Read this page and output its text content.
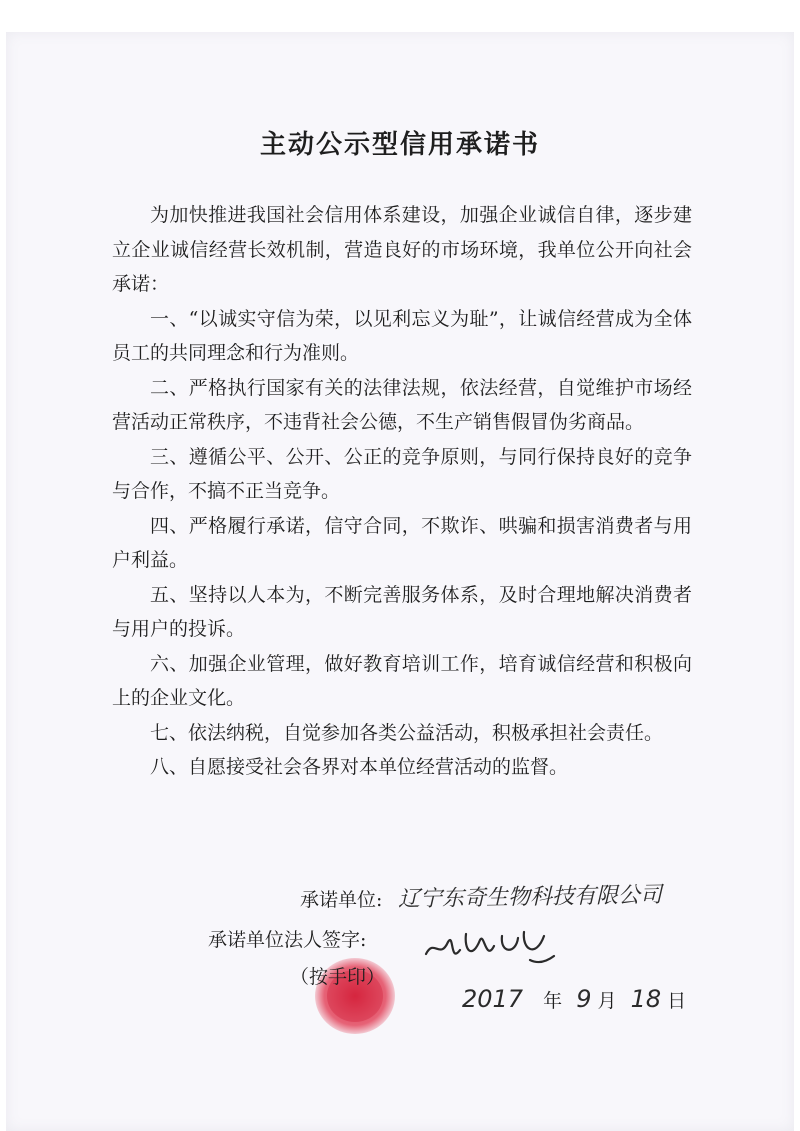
主动公示型信用承诺书

为加快推进我国社会信用体系建设，加强企业诚信自律，逐步建立企业诚信经营长效机制，营造良好的市场环境，我单位公开向社会承诺：

一、“以诚实守信为荣，以见利忘义为耻”，让诚信经营成为全体员工的共同理念和行为准则。

二、严格执行国家有关的法律法规，依法经营，自觉维护市场经营活动正常秩序，不违背社会公德，不生产销售假冒伪劣商品。

三、遵循公平、公开、公正的竞争原则，与同行保持良好的竞争与合作，不搞不正当竞争。

四、严格履行承诺，信守合同，不欺诈、哄骗和损害消费者与用户利益。

五、坚持以人本为，不断完善服务体系，及时合理地解决消费者与用户的投诉。

六、加强企业管理，做好教育培训工作，培育诚信经营和积极向上的企业文化。

七、依法纳税，自觉参加各类公益活动，积极承担社会责任。

八、自愿接受社会各界对本单位经营活动的监督。

承诺单位: 辽宁东奇生物科技有限公司
承诺单位法人签字:
（按手印）
2017 年 9 月 18 日
